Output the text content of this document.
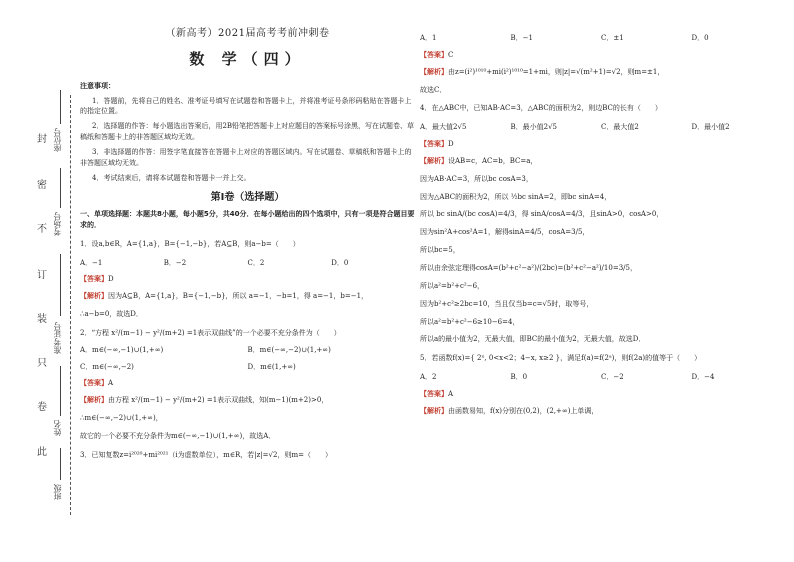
封
密
不
订
装
只
卷
此
座位号
考场号
准考证号
姓名
班级
（新高考）2021届高考考前冲刺卷
数 学（四）
注意事项：
1．答题前，先将自己的姓名、准考证号填写在试题卷和答题卡上，并将准考证号条形码粘贴在答题卡上的指定位置。
2．选择题的作答：每小题选出答案后，用2B铅笔把答题卡上对应题目的答案标号涂黑，写在试题卷、草稿纸和答题卡上的非答题区域均无效。
3．非选择题的作答：用签字笔直接答在答题卡上对应的答题区域内。写在试题卷、草稿纸和答题卡上的非答题区域均无效。
4．考试结束后，请将本试题卷和答题卡一并上交。
第Ⅰ卷（选择题）
一、单项选择题：本题共8小题，每小题5分，共40分．在每小题给出的四个选项中，只有一项是符合题目要求的．
1．设a,b∈R，A={1,a}，B={−1,−b}，若A⊆B，则a−b=（　　）
A．−1	B．−2	C．2	D．0
【答案】D
【解析】因为A⊆B，A={1,a}，B={−1,−b}，所以 a=−1，−b=1，得 a=−1，b=−1，
∴a−b=0，故选D．
2．“方程 x²/(m−1) − y²/(m+2) =1表示双曲线”的一个必要不充分条件为（　　）
A．m∈(−∞,−1)∪(1,+∞)	B．m∈(−∞,−2)∪(1,+∞)
C．m∈(−∞,−2)	D．m∈(1,+∞)
【答案】A
【解析】由方程 x²/(m−1) − y²/(m+2) =1表示双曲线，知(m−1)(m+2)>0，
∴m∈(−∞,−2)∪(1,+∞)，
故它的一个必要不充分条件为m∈(−∞,−1)∪(1,+∞)，故选A．
3．已知复数z=i²⁰²⁰+mi²⁰²¹（i为虚数单位），m∈R，若|z|=√2，则m=（　　）
A．1	B．−1	C．±1	D．0
【答案】C
【解析】由z=(i²)¹⁰¹⁰+mi(i²)¹⁰¹⁰=1+mi，则|z|=√(m²+1)=√2，则m=±1，
故选C．
4．在△ABC中，已知AB·AC=3，△ABC的面积为2，则边BC的长有（　　）
A．最大值2√5	B．最小值2√5	C．最大值2	D．最小值2
【答案】D
【解析】设AB=c，AC=b，BC=a，
因为AB·AC=3，所以bc cosA=3，
因为△ABC的面积为2，所以 ½bc sinA=2，即bc sinA=4，
所以 bc sinA/(bc cosA)=4/3，得 sinA/cosA=4/3，且sinA>0，cosA>0，
因为sin²A+cos²A=1，解得sinA=4/5，cosA=3/5，
所以bc=5，
所以由余弦定理得cosA=(b²+c²−a²)/(2bc)=(b²+c²−a²)/10=3/5，
所以a²=b²+c²−6，
因为b²+c²≥2bc=10，当且仅当b=c=√5时，取等号，
所以a²=b²+c²−6≥10−6=4，
所以a的最小值为2，无最大值，即BC的最小值为2，无最大值，故选D．
5．若函数f(x)={ 2ˣ, 0<x<2；4−x, x≥2 }，满足f(a)=f(2ᵃ)，则f(2a)的值等于（　　）
A．2	B．0	C．−2	D．−4
【答案】A
【解析】由函数易知，f(x)分别在(0,2)，(2,+∞)上单调，
